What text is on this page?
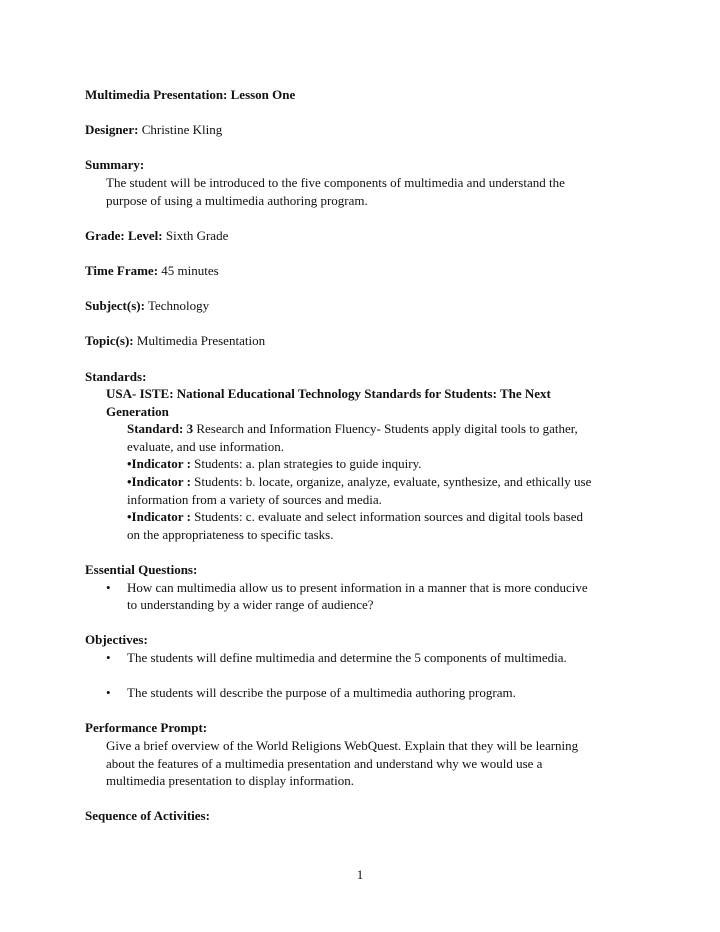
Multimedia Presentation: Lesson One
Designer: Christine Kling
Summary:
The student will be introduced to the five components of multimedia and understand the
purpose of using a multimedia authoring program.
Grade: Level: Sixth Grade
Time Frame: 45 minutes
Subject(s): Technology
Topic(s): Multimedia Presentation
Standards:
USA- ISTE: National Educational Technology Standards for Students: The Next
Generation
Standard: 3 Research and Information Fluency- Students apply digital tools to gather,
evaluate, and use information.
•Indicator : Students: a. plan strategies to guide inquiry.
•Indicator : Students: b. locate, organize, analyze, evaluate, synthesize, and ethically use
information from a variety of sources and media.
•Indicator : Students: c. evaluate and select information sources and digital tools based
on the appropriateness to specific tasks.
Essential Questions:
• How can multimedia allow us to present information in a manner that is more conducive
to understanding by a wider range of audience?
Objectives:
• The students will define multimedia and determine the 5 components of multimedia.
• The students will describe the purpose of a multimedia authoring program.
Performance Prompt:
Give a brief overview of the World Religions WebQuest. Explain that they will be learning
about the features of a multimedia presentation and understand why we would use a
multimedia presentation to display information.
Sequence of Activities:
1
